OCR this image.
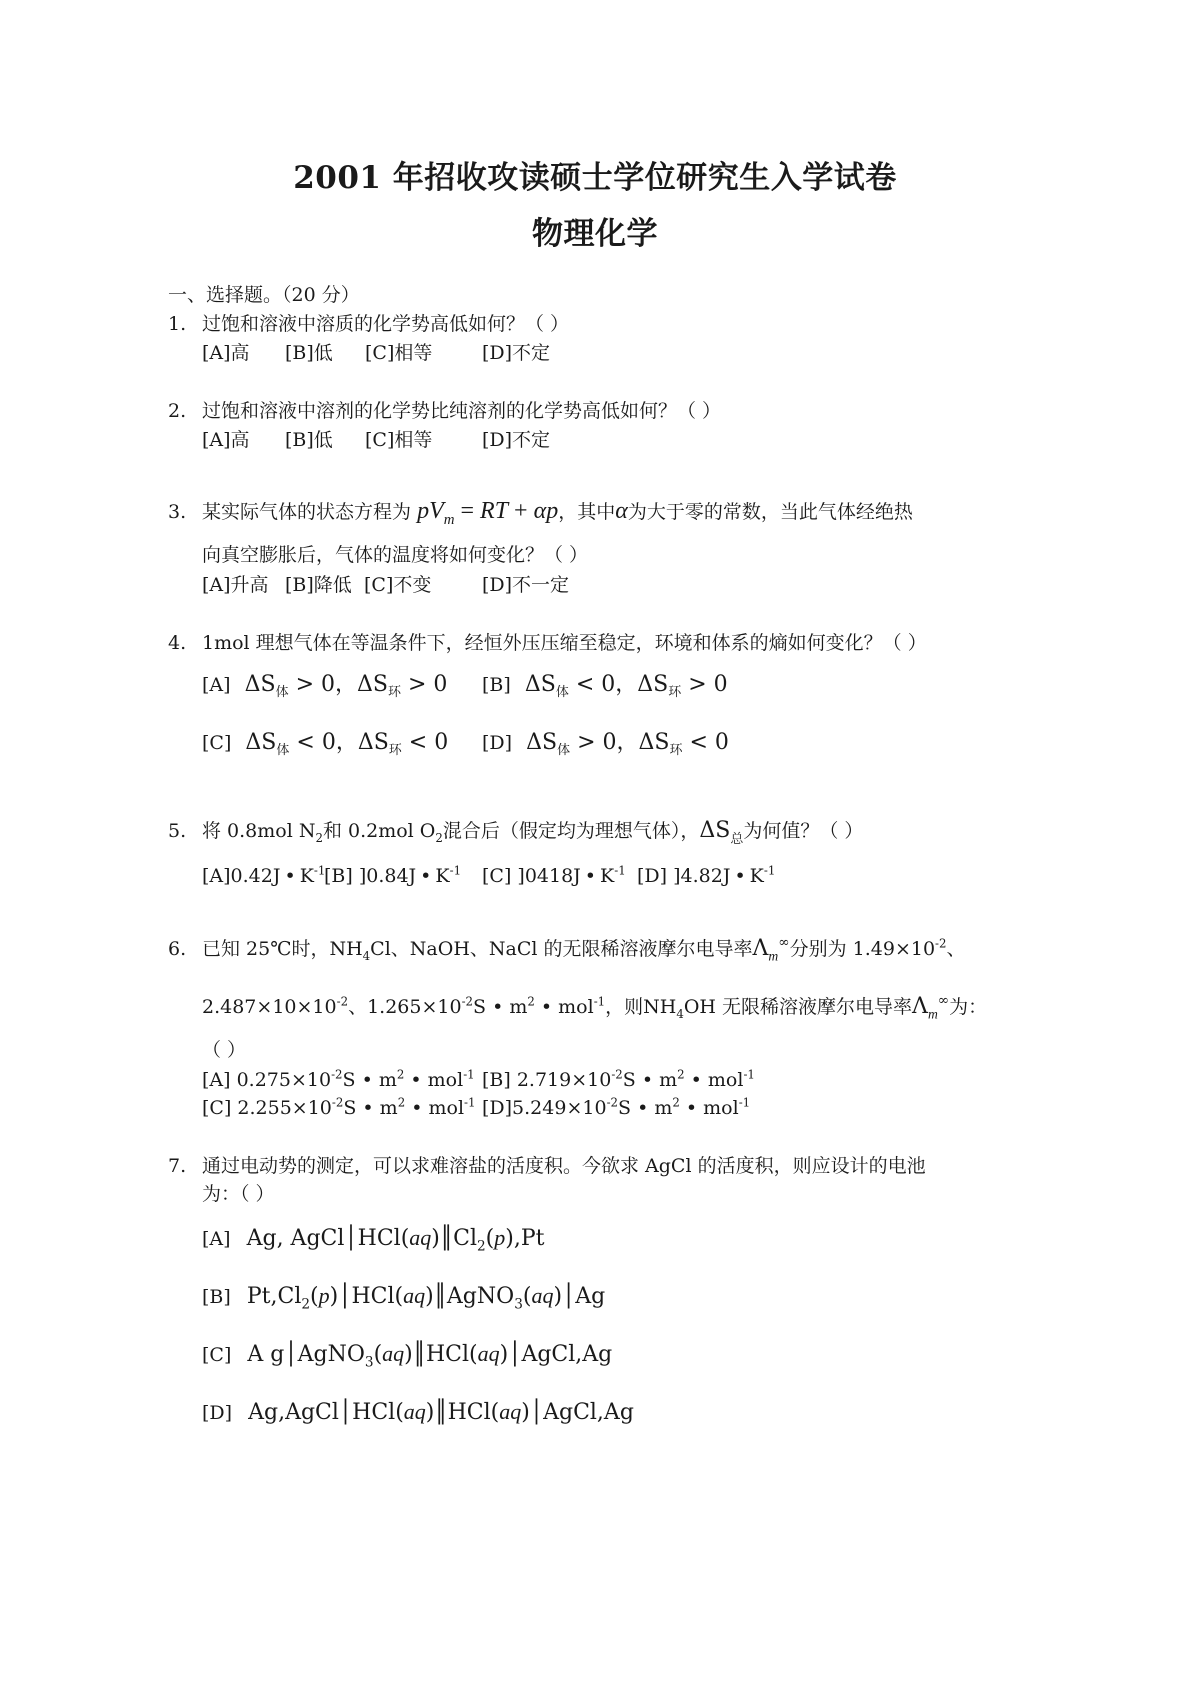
2001 年招收攻读硕士学位研究生入学试卷
物理化学
一、选择题。（20 分）
1. 过饱和溶液中溶质的化学势高低如何？（ ）
[A]高 [B]低 [C]相等	[D]不定
2. 过饱和溶液中溶剂的化学势比纯溶剂的化学势高低如何？（ ）
[A]高 [B]低 [C]相等	[D]不定
3. 某实际气体的状态方程为 $pV_m$ = RT + αp，其中α为大于零的常数，当此气体经绝热
向真空膨胀后，气体的温度将如何变化？（ ）
[A]升高 [B]降低 [C]不变	[D]不一定
4. 1mol 理想气体在等温条件下，经恒外压压缩至稳定，环境和体系的熵如何变化？（ ）
[A] $\Delta S_体 > 0$，$\Delta S_环 > 0$ [B] $\Delta S_体 < 0$，$\Delta S_环 > 0$
[C] $\Delta S_体 < 0$，$\Delta S_环 < 0$ [D] $\Delta S_体 > 0$，$\Delta S_环 < 0$
5. 将 0.8mol $N_2$和 0.2mol $O_2$混合后（假定均为理想气体），$\Delta S_总$为何值？（ ）
[A]0.42J • $K^{-1}$
[B] ]0.84J • $K^{-1}$ [C] ]0418J • $K^{-1}$ [D] ]4.82J • $K^{-1}$
6. 已知 25℃时，$NH_4Cl$、NaOH、NaCl 的无限稀溶液摩尔电导率$\Lambda_m^\infty$分别为 $1.49\times 10^{-2}$、
$2.487\times 10\times 10^{-2}$、$1.265\times 10^{-2}S$ • $m^2$ • mol$^{-1}$，则$NH_4OH$ 无限稀溶液摩尔电导率$\Lambda_m^\infty$为：
（ ）
[A] $0.275\times 10^{-2}S$ • $m^2$ • mol$^{-1}$ [B] $2.719\times 10^{-2}S$ • $m^2$ • mol$^{-1}$
[C] $2.255\times 10^{-2}S$ • $m^2$ • mol$^{-1}$ $[D]5.249\times 10^{-2}S$ • $m^2$ • mol$^{-1}$
7. 通过电动势的测定，可以求难溶盐的活度积。今欲求 AgCl 的活度积，则应设计的电池
为：（ ）
[A] Ag, $AgCl│HCl(aq)║Cl_2(p),Pt$
[B] $Pt,Cl_2(p)│HCl(aq)║AgNO_3(aq)│Ag$
[C] A g│AgNO$_3$(aq)║HCl(aq)│AgCl,Ag
[D] Ag,AgCl│HCl(aq)║HCl(aq)│AgCl,Ag
